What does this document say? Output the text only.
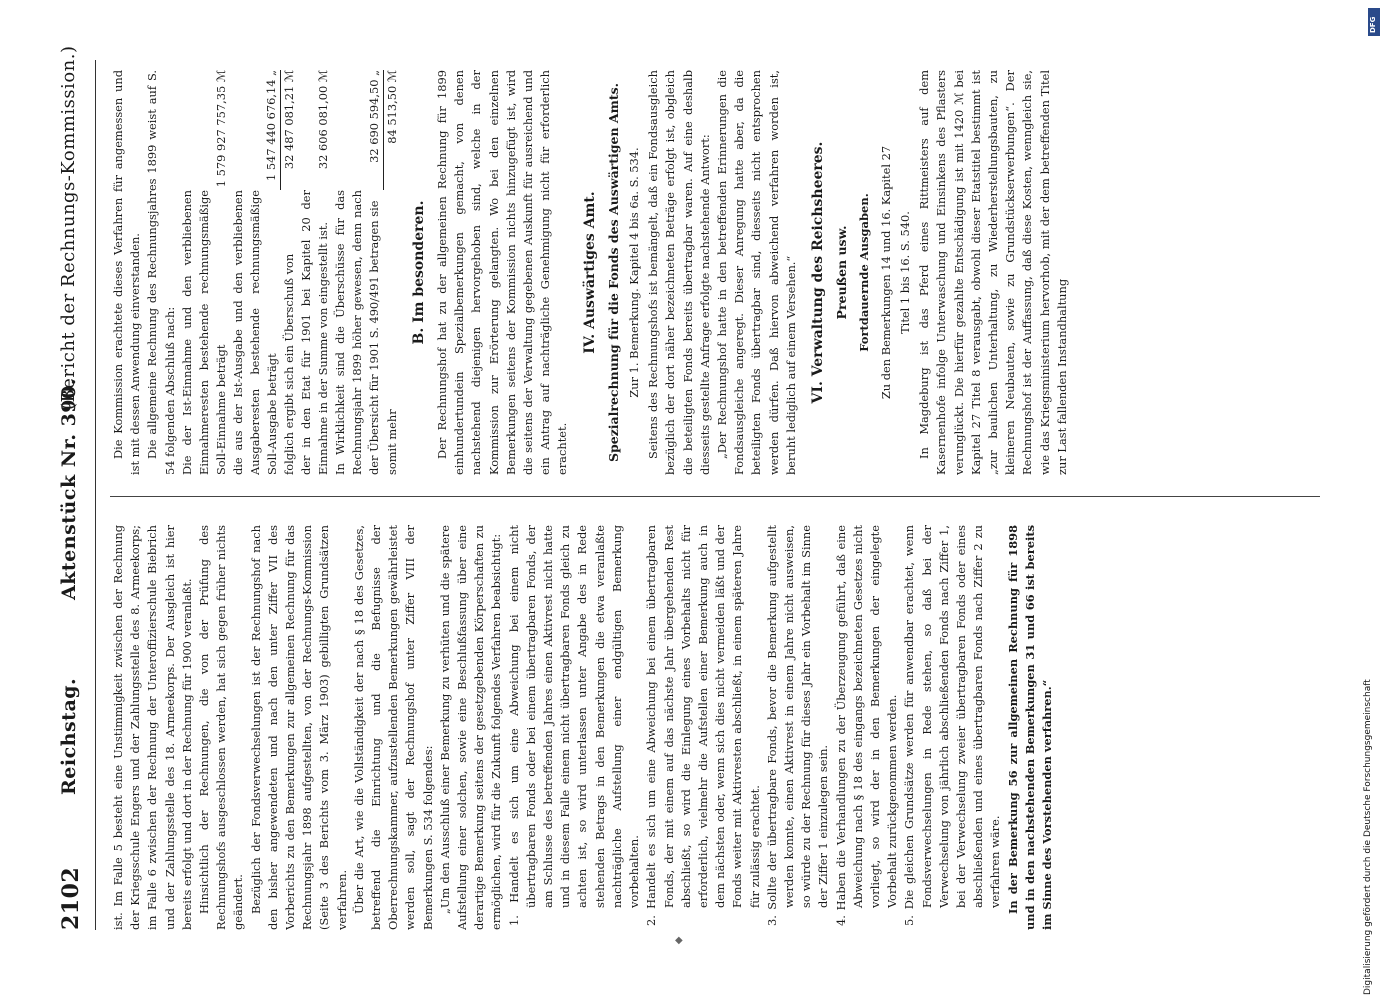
2102
Reichstag.
Aktenstück Nr. 390.
(Bericht der Rechnungs-Kommission.)

ist. Im Falle 5 besteht eine Unstimmigkeit zwischen der Rechnung der Kriegsschule Engers und der Zahlungsstelle des 8. Armeekorps; im Falle 6 zwischen der Rechnung der Unteroffizierschule Biebrich und der Zahlungsstelle des 18. Armeekorps. Der Ausgleich ist hier bereits erfolgt und dort in der Rechnung für 1900 veranlaßt. Hinsichtlich der Rechnungen, die von der Prüfung des Rechnungshofs ausgeschlossen werden, hat sich gegen früher nichts geändert. Bezüglich der Fondsverwechselungen ist der Rechnungshof nach den bisher angewendeten und nach den unter Ziffer VII des Vorberichts zu den Bemerkungen zur allgemeinen Rechnung für das Rechnungsjahr 1898 aufgestellten, von der Rechnungs-Kommission (Seite 3 des Berichts vom 3. März 1903) gebilligten Grundsätzen verfahren. Über die Art, wie die Vollständigkeit der nach § 18 des Gesetzes, betreffend die Einrichtung und die Befugnisse der Oberrechnungskammer, aufzustellenden Bemerkungen gewährleistet werden soll, sagt der Rechnungshof unter Ziffer VIII der Bemerkungen S. 534 folgendes: „Um den Ausschluß einer Bemerkung zu verhüten und die spätere Aufstellung einer solchen, sowie eine Beschlußfassung über eine derartige Bemerkung seitens der gesetzgebenden Körperschaften zu ermöglichen, wird für die Zukunft folgendes Verfahren beabsichtigt: 1. Handelt es sich um eine Abweichung bei einem nicht übertragbaren Fonds oder bei einem übertragbaren Fonds, der am Schlusse des betreffenden Jahres einen Aktivrest nicht hatte und in diesem Falle einem nicht übertragbaren Fonds gleich zu achten ist, so wird unterlassen unter Angabe des in Rede stehenden Betrags in den Bemerkungen die etwa veranlaßte nachträgliche Aufstellung einer endgültigen Bemerkung vorbehalten. 2. Handelt es sich um eine Abweichung bei einem übertragbaren Fonds, der mit einem auf das nächste Jahr übergehenden Rest abschließt, so wird die Einlegung eines Vorbehalts nicht für erforderlich, vielmehr die Aufstellen einer Bemerkung auch in dem nächsten oder, wenn sich dies nicht vermeiden läßt und der Fonds weiter mit Aktivresten abschließt, in einem späteren Jahre für zulässig erachtet. 3. Sollte der übertragbare Fonds, bevor die Bemerkung aufgestellt werden konnte, einen Aktivrest in einem Jahre nicht ausweisen, so würde zu der Rechnung für dieses Jahr ein Vorbehalt im Sinne der Ziffer 1 einzulegen sein. 4. Haben die Verhandlungen zu der Überzeugung geführt, daß eine Abweichung nach § 18 des eingangs bezeichneten Gesetzes nicht vorliegt, so wird der in den Bemerkungen der eingelegte Vorbehalt zurückgenommen werden. 5. Die gleichen Grundsätze werden für anwendbar erachtet, wenn Fondsverwechselungen in Rede stehen, so daß bei der Verwechselung von jährlich abschließenden Fonds nach Ziffer 1, bei der Verwechselung zweier übertragbaren Fonds oder eines abschließenden und eines übertragbaren Fonds nach Ziffer 2 zu verfahren wäre. In der Bemerkung 56 zur allgemeinen Rechnung für 1898 und in den nachstehenden Bemerkungen 31 und 66 ist bereits im Sinne des Vorstehenden verfahren.“

Die Kommission erachtete dieses Verfahren für angemessen und ist mit dessen Anwendung einverstanden. Die allgemeine Rechnung des Rechnungsjahres 1899 weist auf S. 54 folgenden Abschluß nach: Die der Ist-Einnahme und den verbliebenen Einnahmeresten bestehende rechnungsmäßige Soll-Einnahme beträgt	1 579 927 757,35 ℳ
die aus der Ist-Ausgabe und den verbliebenen Ausgaberesten bestehende rechnungsmäßige Soll-Ausgabe beträgt	1 547 440 676,14 „
folglich ergibt sich ein Überschuß von	32 487 081,21 ℳ
der in den Etat für 1901 bei Kapitel 20 der Einnahme in der Summe von eingestellt ist.	32 606 081,00 ℳ
In Wirklichkeit sind die Überschüsse für das Rechnungsjahr 1899 höher gewesen, denn nach der Übersicht für 1901 S. 490/491 betragen sie	32 690 594,50 „
somit mehr	84 513,50 ℳ
B. Im besonderen. Der Rechnungshof hat zu der allgemeinen Rechnung für 1899 einhundertundein Spezialbemerkungen gemacht, von denen nachstehend diejenigen hervorgehoben sind, welche in der Kommission zur Erörterung gelangten. Wo bei den einzelnen Bemerkungen seitens der Kommission nichts hinzugefügt ist, wird die seitens der Verwaltung gegebenen Auskunft für ausreichend und ein Antrag auf nachträgliche Genehmigung nicht für erforderlich erachtet.

IV. Auswärtiges Amt. Spezialrechnung für die Fonds des Auswärtigen Amts. Zur 1. Bemerkung. Kapitel 4 bis 6a. S. 534. Seitens des Rechnungshofs ist bemängelt, daß ein Fondsausgleich bezüglich der dort näher bezeichneten Beträge erfolgt ist, obgleich die beteiligten Fonds bereits übertragbar waren. Auf eine deshalb diesseits gestellte Anfrage erfolgte nachstehende Antwort: „Der Rechnungshof hatte in den betreffenden Erinnerungen die Fondsausgleiche angeregt. Dieser Anregung hatte aber, da die beteiligten Fonds übertragbar sind, diesseits nicht entsprochen werden dürfen. Daß hiervon abweichend verfahren worden ist, beruht lediglich auf einem Versehen.“ VI. Verwaltung des Reichsheeres. Preußen usw. Fortdauernde Ausgaben. Zu den Bemerkungen 14 und 16. Kapitel 27 Titel 1 bis 16. S. 540. In Magdeburg ist das Pferd eines Rittmeisters auf dem Kasernenhofe infolge Unterwaschung und Einsinkens des Pflasters verunglückt. Die hierfür gezahlte Entschädigung ist mit 1420 ℳ bei Kapitel 27 Titel 8 verausgabt, obwohl dieser Etatstitel bestimmt ist „zur baulichen Unterhaltung, zu Wiederherstellungsbauten, zu kleineren Neubauten, sowie zu Grundstückserwerbungen“. Der Rechnungshof ist der Auffassung, daß diese Kosten, wenngleich sie, wie das Kriegsministerium hervorhob, mit der dem betreffenden Titel zur Last fallenden Instandhaltung

◆	Digitalisierung gefördert durch die Deutsche Forschungsgemeinschaft
DFG
